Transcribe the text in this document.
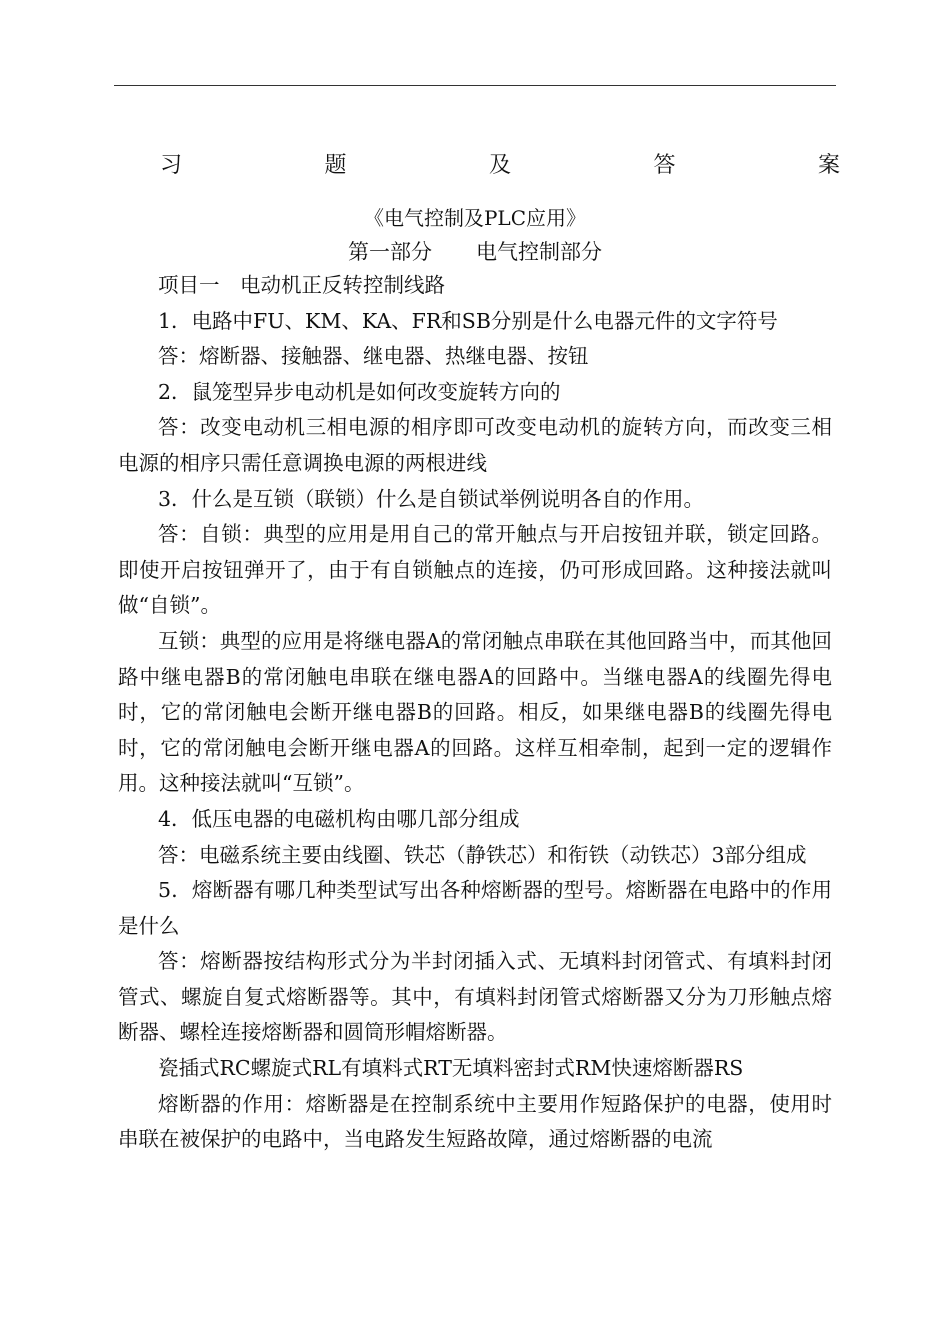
习	题	及	答	案
《电气控制及PLC应用》
第一部分 电气控制部分

项目一　电动机正反转控制线路

1．电路中FU、KM、KA、FR和SB分别是什么电器元件的文字符号

答：熔断器、接触器、继电器、热继电器、按钮

2．鼠笼型异步电动机是如何改变旋转方向的

答：改变电动机三相电源的相序即可改变电动机的旋转方向，而改变三相电源的相序只需任意调换电源的两根进线

3．什么是互锁（联锁）什么是自锁试举例说明各自的作用。

答：自锁：典型的应用是用自己的常开触点与开启按钮并联，锁定回路。即使开启按钮弹开了，由于有自锁触点的连接，仍可形成回路。这种接法就叫做“自锁”。

互锁：典型的应用是将继电器A的常闭触点串联在其他回路当中，而其他回路中继电器B的常闭触电串联在继电器A的回路中。当继电器A的线圈先得电时，它的常闭触电会断开继电器B的回路。相反，如果继电器B的线圈先得电时，它的常闭触电会断开继电器A的回路。这样互相牵制，起到一定的逻辑作用。这种接法就叫“互锁”。

4．低压电器的电磁机构由哪几部分组成

答：电磁系统主要由线圈、铁芯（静铁芯）和衔铁（动铁芯）3部分组成

5．熔断器有哪几种类型试写出各种熔断器的型号。熔断器在电路中的作用是什么

答：熔断器按结构形式分为半封闭插入式、无填料封闭管式、有填料封闭管式、螺旋自复式熔断器等。其中，有填料封闭管式熔断器又分为刀形触点熔断器、螺栓连接熔断器和圆筒形帽熔断器。

瓷插式RC螺旋式RL有填料式RT无填料密封式RM快速熔断器RS

熔断器的作用：熔断器是在控制系统中主要用作短路保护的电器，使用时串联在被保护的电路中，当电路发生短路故障，通过熔断器的电流
